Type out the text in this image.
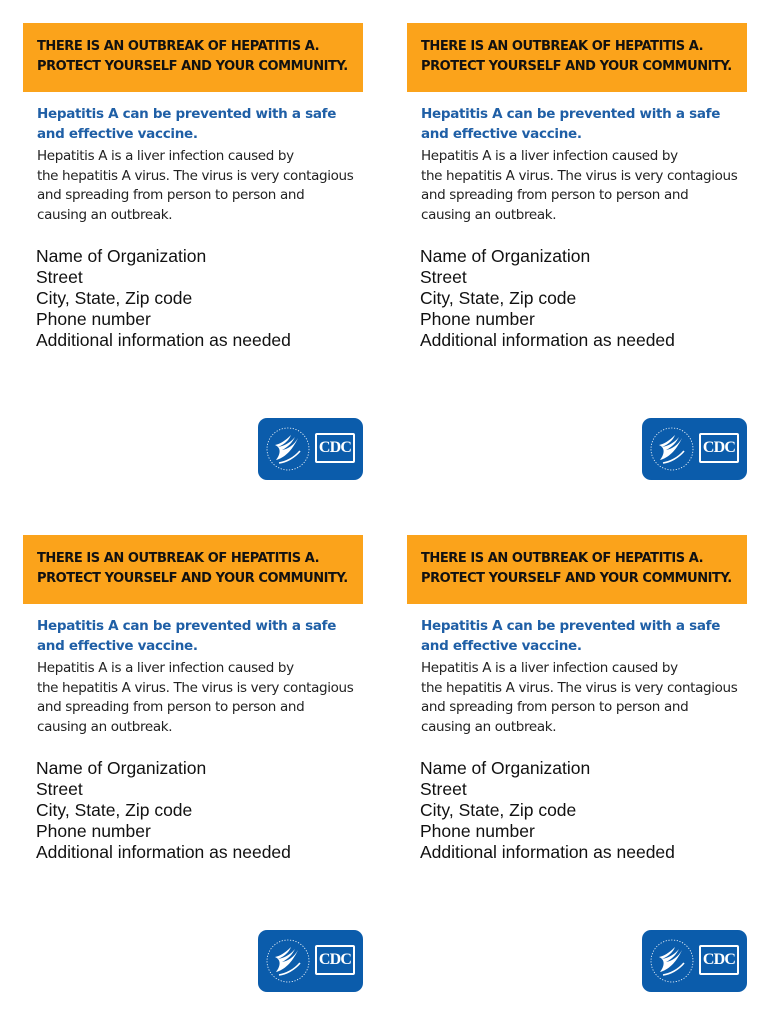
THERE IS AN OUTBREAK OF HEPATITIS A.
PROTECT YOURSELF AND YOUR COMMUNITY.
Hepatitis A can be prevented with a safe
and effective vaccine.
Hepatitis A is a liver infection caused by
the hepatitis A virus. The virus is very contagious
and spreading from person to person and
causing an outbreak.
Name of Organization
Street
City, State, Zip code
Phone number
Additional information as needed
CDC
THERE IS AN OUTBREAK OF HEPATITIS A.
PROTECT YOURSELF AND YOUR COMMUNITY.
Hepatitis A can be prevented with a safe
and effective vaccine.
Hepatitis A is a liver infection caused by
the hepatitis A virus. The virus is very contagious
and spreading from person to person and
causing an outbreak.
Name of Organization
Street
City, State, Zip code
Phone number
Additional information as needed
CDC
THERE IS AN OUTBREAK OF HEPATITIS A.
PROTECT YOURSELF AND YOUR COMMUNITY.
Hepatitis A can be prevented with a safe
and effective vaccine.
Hepatitis A is a liver infection caused by
the hepatitis A virus. The virus is very contagious
and spreading from person to person and
causing an outbreak.
Name of Organization
Street
City, State, Zip code
Phone number
Additional information as needed
CDC
THERE IS AN OUTBREAK OF HEPATITIS A.
PROTECT YOURSELF AND YOUR COMMUNITY.
Hepatitis A can be prevented with a safe
and effective vaccine.
Hepatitis A is a liver infection caused by
the hepatitis A virus. The virus is very contagious
and spreading from person to person and
causing an outbreak.
Name of Organization
Street
City, State, Zip code
Phone number
Additional information as needed
CDC
